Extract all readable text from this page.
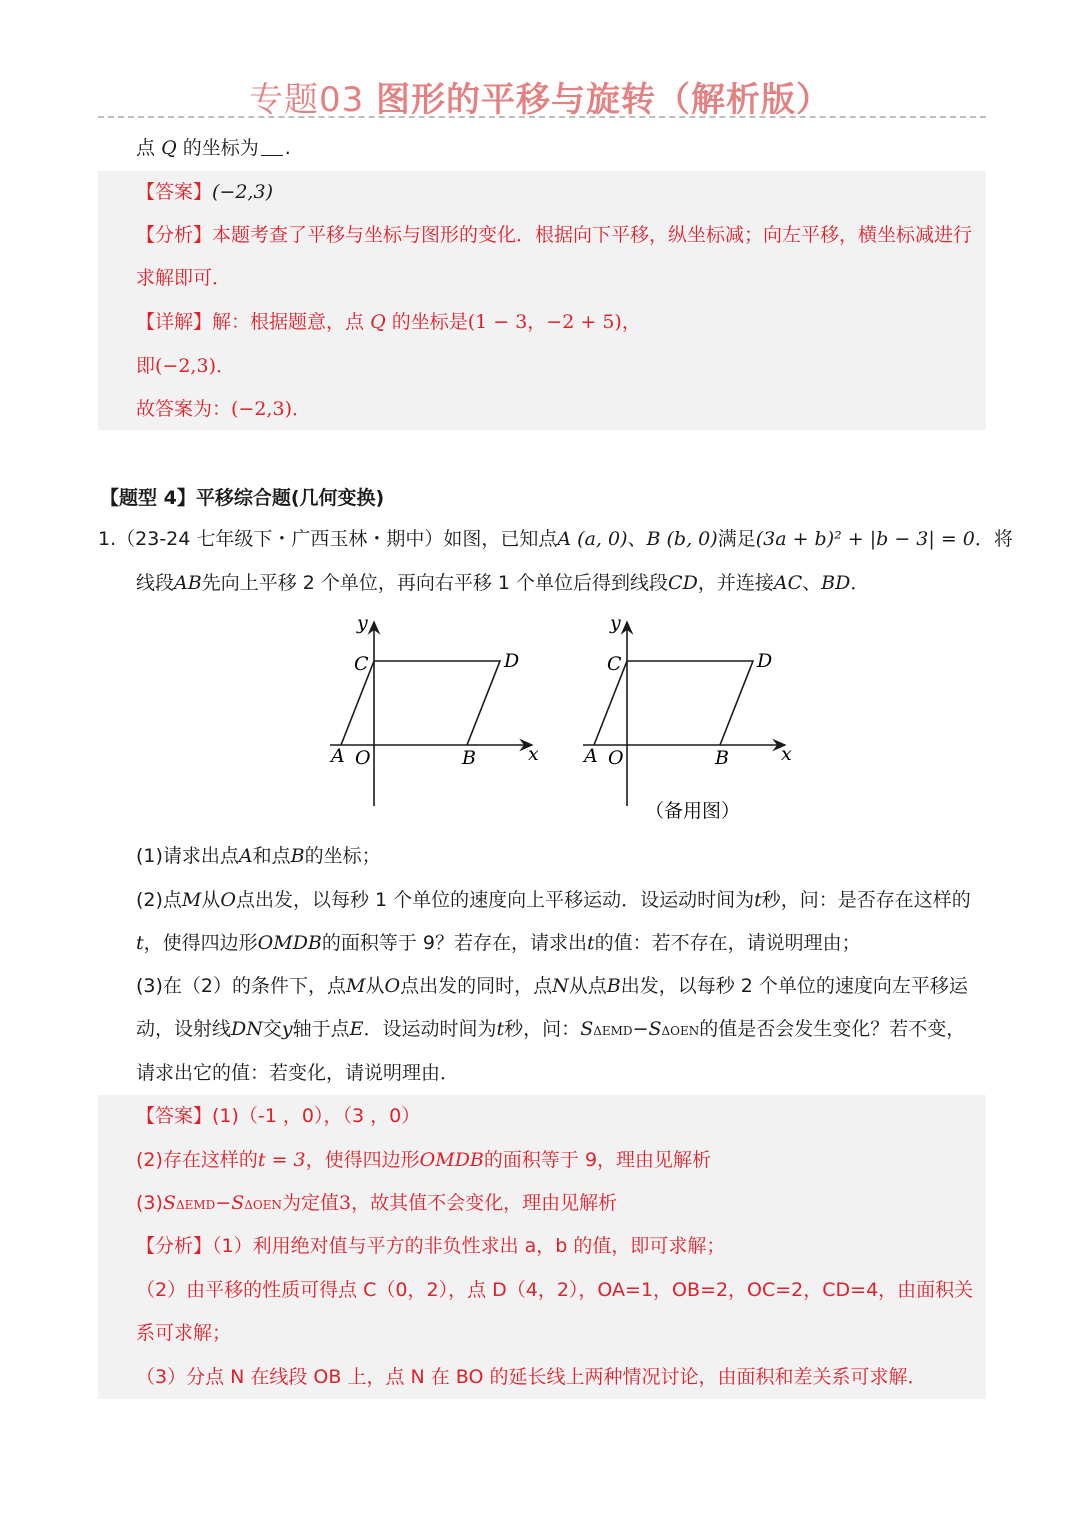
专题03 图形的平移与旋转（解析版）
点 Q 的坐标为 .
【答案】(−2,3)
【分析】本题考查了平移与坐标与图形的变化．根据向下平移，纵坐标减；向左平移，横坐标减进行
求解即可．
【详解】解：根据题意，点 Q 的坐标是(1 − 3，−2 + 5)，
即(−2,3)．
故答案为：(−2,3)．
【题型 4】平移综合题(几何变换)
1.（23-24 七年级下・广西玉林・期中）如图，已知点A (a, 0)、B (b, 0)满足(3a + b)² + |b − 3| = 0．将
线段AB先向上平移 2 个单位，再向右平移 1 个单位后得到线段CD，并连接AC、BD．
y
x
C	D
A O	B
y
x
C	D
A O	B
（备用图）
(1)请求出点A和点B的坐标；
(2)点M从O点出发，以每秒 1 个单位的速度向上平移运动．设运动时间为t秒，问：是否存在这样的
t，使得四边形OMDB的面积等于 9？若存在，请求出t的值：若不存在，请说明理由；
(3)在（2）的条件下，点M从O点出发的同时，点N从点B出发，以每秒 2 个单位的速度向左平移运
动，设射线DN交y轴于点E．设运动时间为t秒，问：SΔEMD−SΔOEN的值是否会发生变化？若不变，
请求出它的值：若变化，请说明理由．
【答案】(1)（-1 ，0），（3 ，0）
(2)存在这样的t = 3，使得四边形OMDB的面积等于 9，理由见解析
(3)SΔEMD−SΔOEN为定值3，故其值不会变化，理由见解析
【分析】（1）利用绝对值与平方的非负性求出 a，b 的值，即可求解；
（2）由平移的性质可得点 C（0，2），点 D（4，2），OA=1，OB=2，OC=2，CD=4，由面积关
系可求解；
（3）分点 N 在线段 OB 上，点 N 在 BO 的延长线上两种情况讨论，由面积和差关系可求解．
